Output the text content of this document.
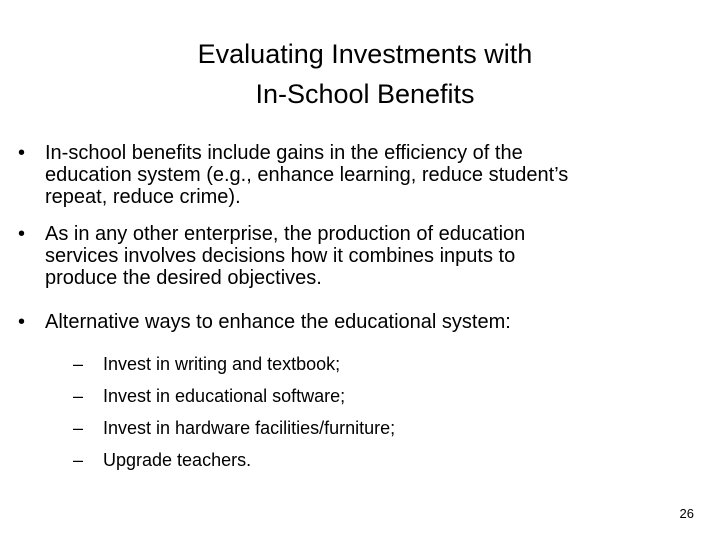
Evaluating Investments with
In-School Benefits
• In-school benefits include gains in the efficiency of the
education system (e.g., enhance learning, reduce student’s
repeat, reduce crime).
• As in any other enterprise, the production of education
services involves decisions how it combines inputs to
produce the desired objectives.
• Alternative ways to enhance the educational system:
– Invest in writing and textbook;
– Invest in educational software;
– Invest in hardware facilities/furniture;
– Upgrade teachers.
26
